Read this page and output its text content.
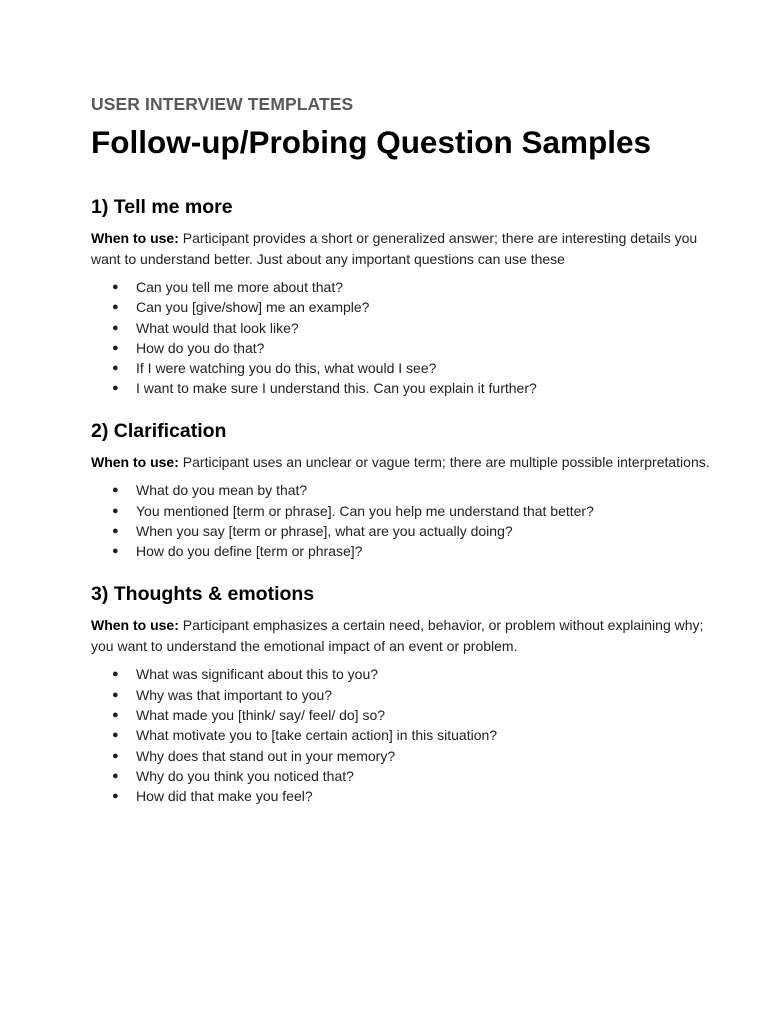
USER INTERVIEW TEMPLATES

Follow-up/Probing Question Samples
1) Tell me more

When to use: Participant provides a short or generalized answer; there are interesting details you want to understand better. Just about any important questions can use these

● Can you tell me more about that?
● Can you [give/show] me an example?
● What would that look like?
● How do you do that?
● If I were watching you do this, what would I see?
● I want to make sure I understand this. Can you explain it further?
2) Clarification

When to use: Participant uses an unclear or vague term; there are multiple possible interpretations.

● What do you mean by that?
● You mentioned [term or phrase]. Can you help me understand that better?
● When you say [term or phrase], what are you actually doing?
● How do you define [term or phrase]?
3) Thoughts & emotions

When to use: Participant emphasizes a certain need, behavior, or problem without explaining why; you want to understand the emotional impact of an event or problem.

● What was significant about this to you?
● Why was that important to you?
● What made you [think/ say/ feel/ do] so?
● What motivate you to [take certain action] in this situation?
● Why does that stand out in your memory?
● Why do you think you noticed that?
● How did that make you feel?
